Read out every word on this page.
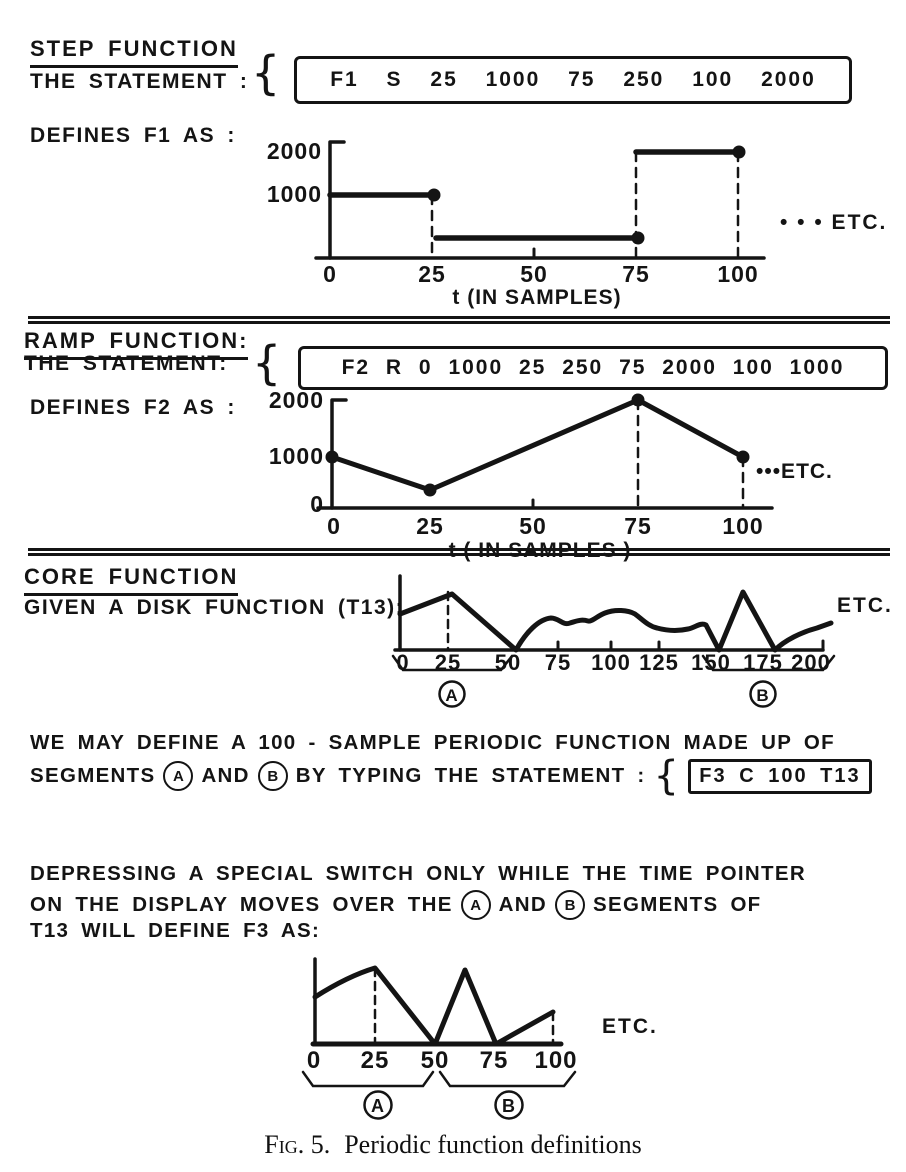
STEP FUNCTION
THE STATEMENT : { F1 S 25 1000 75 250 100 2000
DEFINES F1 AS :
2000
1000
0	25	50	75	100
t (IN SAMPLES)
• • • ETC.
RAMP FUNCTION:
THE STATEMENT: {	F2 R 0 1000 25 250 75 2000 100 1000
DEFINES F2 AS : 2000
1000
0
0	25	50	75	100
t ( IN SAMPLES )
•••ETC.
CORE FUNCTION
GIVEN A DISK FUNCTION (T13):
0 25 50 75 100 125 150 175 200
A	B
ETC.
WE MAY DEFINE A 100 - SAMPLE PERIODIC FUNCTION MADE UP OF
SEGMENTS	A AND	B BY TYPING THE STATEMENT : { F3 C 100 T13
DEPRESSING A SPECIAL SWITCH ONLY WHILE THE TIME POINTER
ON THE DISPLAY MOVES OVER THE	A AND	B SEGMENTS OF
T13 WILL DEFINE F3 AS:
0 25 50 75 100
A	B
ETC.
Fig. 5. Periodic function definitions
